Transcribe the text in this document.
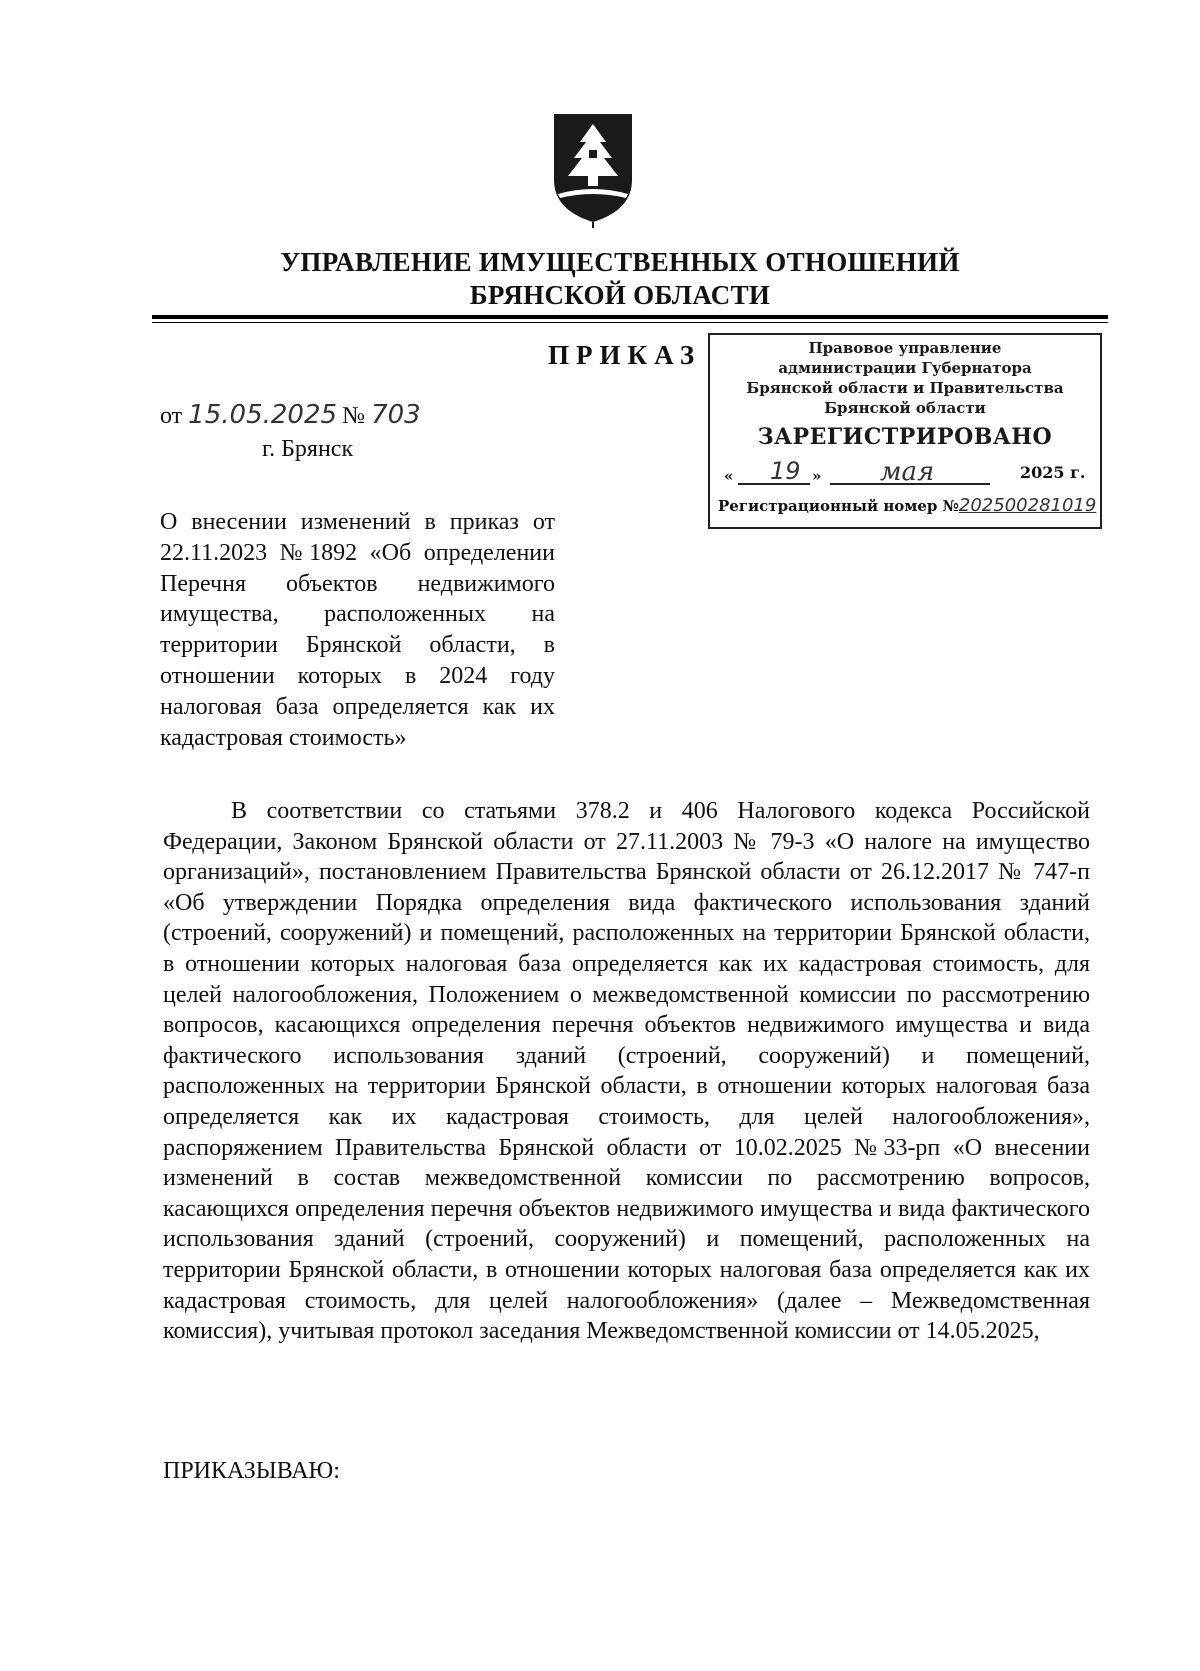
УПРАВЛЕНИЕ ИМУЩЕСТВЕННЫХ ОТНОШЕНИЙ
БРЯНСКОЙ ОБЛАСТИ
ПРИКАЗ	Правовое управление
администрации Губернатора
Брянской области и Правительства
Брянской области
ЗАРЕГИСТРИРОВАНО
« 19 » мая	2025 г.
Регистрационный номер №202500281019
от 15.05.2025 № 703
г. Брянск
О внесении изменений в приказ от 22.11.2023 №1892 «Об определении Перечня объектов недвижимого имущества, расположенных на территории Брянской области, в отношении которых в 2024 году налоговая база определяется как их кадастровая стоимость»

В соответствии со статьями 378.2 и 406 Налогового кодекса Российской Федерации, Законом Брянской области от 27.11.2003 № 79-3 «О налоге на имущество организаций», постановлением Правительства Брянской области от 26.12.2017 № 747-п «Об утверждении Порядка определения вида фактического использования зданий (строений, сооружений) и помещений, расположенных на территории Брянской области, в отношении которых налоговая база определяется как их кадастровая стоимость, для целей налогообложения, Положением о межведомственной комиссии по рассмотрению вопросов, касающихся определения перечня объектов недвижимого имущества и вида фактического использования зданий (строений, сооружений) и помещений, расположенных на территории Брянской области, в отношении которых налоговая база определяется как их кадастровая стоимость, для целей налогообложения», распоряжением Правительства Брянской области от 10.02.2025 №33-рп «О внесении изменений в состав межведомственной комиссии по рассмотрению вопросов, касающихся определения перечня объектов недвижимого имущества и вида фактического использования зданий (строений, сооружений) и помещений, расположенных на территории Брянской области, в отношении которых налоговая база определяется как их кадастровая стоимость, для целей налогообложения» (далее – Межведомственная комиссия), учитывая протокол заседания Межведомственной комиссии от 14.05.2025,

ПРИКАЗЫВАЮ:
